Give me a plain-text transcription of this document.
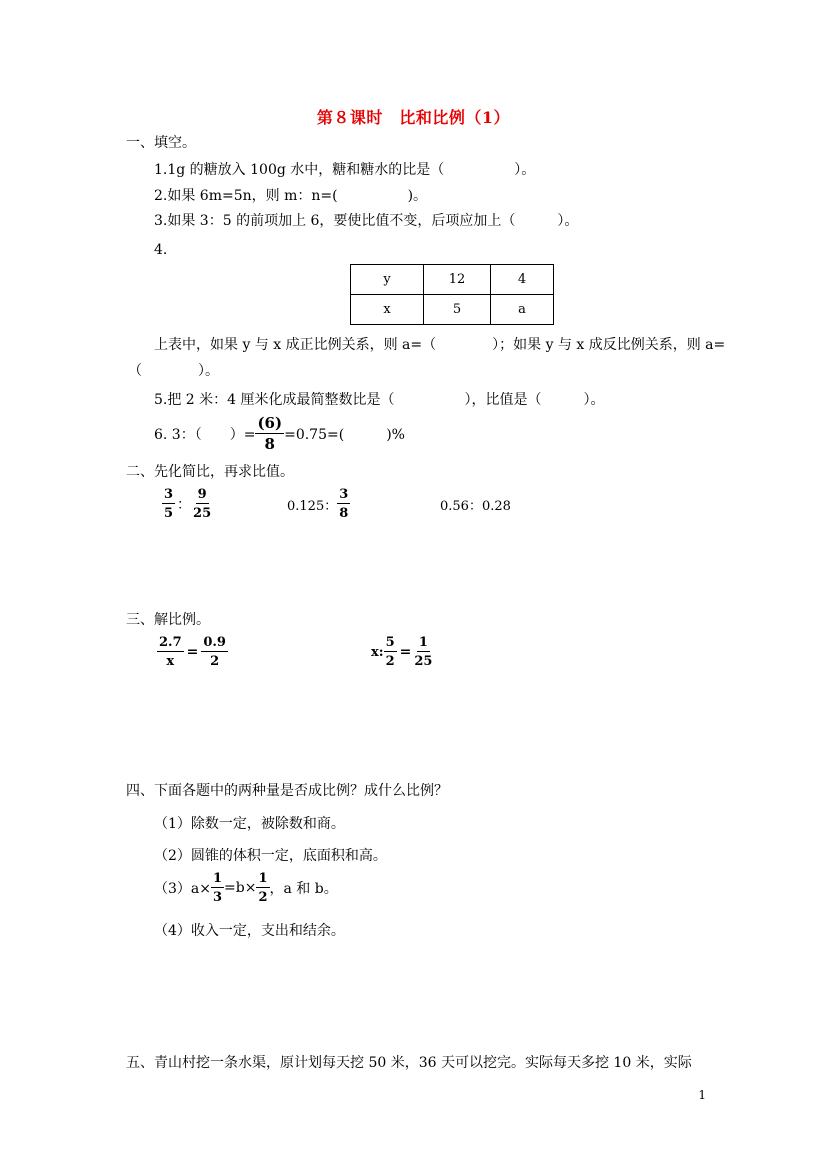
第８课时　比和比例（1）
一、填空。
1.1g 的糖放入 100g 水中，糖和糖水的比是（　　　　　）。
2.如果 6m=5n，则 m：n=(　　　　　)。
3.如果 3：5 的前项加上 6，要使比值不变，后项应加上（　　　）。
4.
y	12	4
x	5	a
上表中，如果 y 与 x 成正比例关系，则 a=（　　　　）；如果 y 与 x 成反比例关系，则 a=
（　　　　）。
5.把 2 米：4 厘米化成最简整数比是（　　　　　），比值是（　　　）。
6. 3：（　　）= $\frac{(6)}{8} =0.75=$(　　　)%
二、先化简比，再求比值。
$\frac{3}{5}$ ： $\frac{9}{25}$	0.125： $\frac{3}{8}$	0.56：0.28
三、解比例。
$\frac{2.7}{x} = \frac{0.9}{2}$	x: $\frac{5}{2} = \frac{1}{25}$
四、下面各题中的两种量是否成比例？成什么比例？
（1）除数一定，被除数和商。
（2）圆锥的体积一定，底面积和高。
$(3)a\times \frac{1}{3} =b\times \frac{1}{2}$ ，a 和 b。
（4）收入一定，支出和结余。
五、青山村挖一条水渠，原计划每天挖 50 米，36 天可以挖完。实际每天多挖 10 米，实际
1
